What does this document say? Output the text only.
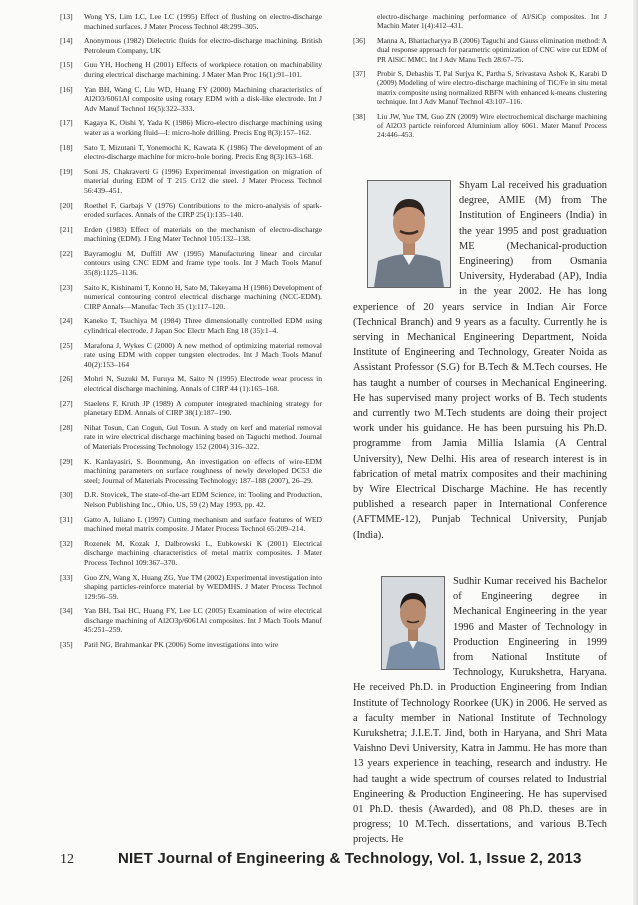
[13] Wong YS, Lim LC, Lee LC (1995) Effect of flushing on electro-discharge machined surfaces. J Mater Process Technol 48:299–305.
[14] Anonymous (1982) Dielectric fluids for electro-discharge machining. British Petroleum Company, UK
[15] Guu YH, Hocheng H (2001) Effects of workpiece rotation on machinability during electrical discharge machining. J Mater Man Proc 16(1):91–101.
[16] Yan BH, Wang C, Liu WD, Huang FY (2000) Machining characteristics of Al2O3/6061Al composite using rotary EDM with a disk-like electrode. Int J Adv Manuf Technol 16(5):322–333.
[17] Kagaya K, Oishi Y, Yada K (1986) Micro-electro discharge machining using water as a working fluid—I: micro-hole drilling. Precis Eng 8(3):157–162.
[18] Sato T, Mizutani T, Yonemochi K, Kawata K (1986) The development of an electro-discharge machine for micro-hole boring. Precis Eng 8(3):163–168.
[19] Soni JS, Chakraverti G (1996) Experimental investigation on migration of material during EDM of T 215 Cr12 die steel. J Mater Process Technol 56:439–451.
[20] Roethel F, Garbajs V (1976) Contributions to the micro-analysis of spark-eroded surfaces. Annals of the CIRP 25(1):135–140.
[21] Erden (1983) Effect of materials on the mechanism of electro-discharge machining (EDM). J Eng Mater Technol 105:132–138.
[22] Bayramoglu M, Duffill AW (1995) Manufacturing linear and circular contours using CNC EDM and frame type tools. Int J Mach Tools Manuf 35(8):1125–1136.
[23] Saito K, Kishinami T, Konno H, Sato M, Takeyama H (1986) Development of numerical contouring control electrical discharge machining (NCC-EDM). CIRP Annals—Manufac Tech 35 (1):117–120.
[24] Kaneko T, Tsuchiya M (1984) Three dimensionally controlled EDM using cylindrical electrode. J Japan Soc Electr Mach Eng 18 (35):1–4.
[25] Marafona J, Wykes C (2000) A new method of optimizing material removal rate using EDM with copper tungsten electrodes. Int J Mach Tools Manuf 40(2):153–164
[26] Mohri N, Suzuki M, Furuya M, Saito N (1995) Electrode wear process in electrical discharge machining. Annals of CIRP 44 (1):165–168.
[27] Staelens F, Kruth JP (1989) A computer integrated machining strategy for planetary EDM. Annals of CIRP 38(1):187–190.
[28] Nihat Tosun, Can Cogun, Gul Tosun. A study on kerf and material removal rate in wire electrical discharge machining based on Taguchi method. Journal of Materials Processing Technology 152 (2004) 316–322.
[29] K. Kanlayasiri, S. Boonmung, An investigation on effects of wire-EDM machining parameters on surface roughness of newly developed DC53 die steel; Journal of Materials Processing Technology; 187–188 (2007), 26–29.
[30] D.R. Stovicek, The state-of-the-art EDM Science, in: Tooling and Production, Nelson Publishing Inc., Ohio, US, 59 (2) May 1993, pp. 42.
[31] Gatto A, Iuliano L (1997) Cutting mechanism and surface features of WED machined metal matrix composite. J Mater Process Technol 65:209–214.
[32] Rozenek M, Kozak J, Dalbrowski L, Eubkowski K (2001) Electrical discharge machining characteristics of metal matrix composites. J Mater Process Technol 109:367–370.
[33] Guo ZN, Wang X, Huang ZG, Yue TM (2002) Experimental investigation into shaping particles-reinforce material by WEDMHS. J Mater Process Technol 129:56–59.
[34] Yan BH, Tsai HC, Huang FY, Lee LC (2005) Examination of wire electrical discharge machining of Al2O3p/6061Al composites. Int J Mach Tools Manuf 45:251–259.
[35] Patil NG, Brahmankar PK (2006) Some investigations into wire
electro-discharge machining performance of Al/SiCp composites. Int J Machin Mater 1(4):412–431.
[36] Manna A, Bhattacharyya B (2006) Taguchi and Gauss elimination method: A dual response approach for parametric optimization of CNC wire cut EDM of PR AlSiC MMC. Int J Adv Manu Tech 28:67–75.
[37] Probir S, Debashis T, Pal Surjya K, Partha S, Srivastava Ashok K, Karabi D (2009) Modeling of wire electro-discharge machining of TiC/Fe in situ metal matrix composite using normalized RBFN with enhanced k-means clustering technique. Int J Adv Manuf Technol 43:107–116.
[38] Liu JW, Yue TM, Guo ZN (2009) Wire electrochemical discharge machining of Al2O3 particle reinforced Aluminium alloy 6061. Mater Manuf Process 24:446–453.

Shyam Lal received his graduation degree, AMIE (M) from The Institution of Engineers (India) in the year 1995 and post graduation ME (Mechanical-production Engineering) from Osmania University, Hyderabad (AP), India in the year 2002. He has long experience of 20 years service in Indian Air Force (Technical Branch) and 9 years as a faculty. Currently he is serving in Mechanical Engineering Department, Noida Institute of Engineering and Technology, Greater Noida as Assistant Professor (S.G) for B.Tech & M.Tech courses. He has taught a number of courses in Mechanical Engineering. He has supervised many project works of B. Tech students and currently two M.Tech students are doing their project work under his guidance. He has been pursuing his Ph.D. programme from Jamia Millia Islamia (A Central University), New Delhi. His area of research interest is in fabrication of metal matrix composites and their machining by Wire Electrical Discharge Machine. He has recently published a research paper in International Conference (AFTMME-12), Punjab Technical University, Punjab (India).

Sudhir Kumar received his Bachelor of Engineering degree in Mechanical Engineering in the year 1996 and Master of Technology in Production Engineering in 1999 from National Institute of Technology, Kurukshetra, Haryana. He received Ph.D. in Production Engineering from Indian Institute of Technology Roorkee (UK) in 2006. He served as a faculty member in National Institute of Technology Kurukshetra; J.I.E.T. Jind, both in Haryana, and Shri Mata Vaishno Devi University, Katra in Jammu. He has more than 13 years experience in teaching, research and industry. He had taught a wide spectrum of courses related to Industrial Engineering & Production Engineering. He has supervised 01 Ph.D. thesis (Awarded), and 08 Ph.D. theses are in progress; 10 M.Tech. dissertations, and various B.Tech projects. He

12	NIET Journal of Engineering & Technology, Vol. 1, Issue 2, 2013
